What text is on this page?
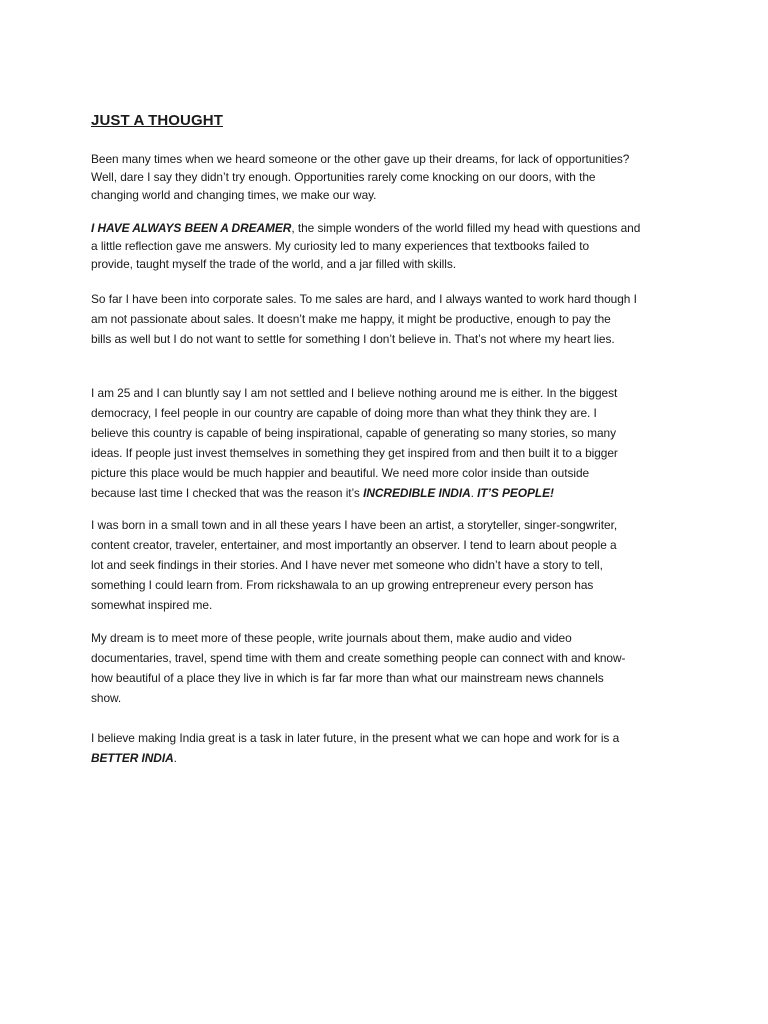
JUST A THOUGHT

Been many times when we heard someone or the other gave up their dreams, for lack of opportunities?
Well, dare I say they didn’t try enough. Opportunities rarely come knocking on our doors, with the
changing world and changing times, we make our way.

I HAVE ALWAYS BEEN A DREAMER, the simple wonders of the world filled my head with questions and
a little reflection gave me answers. My curiosity led to many experiences that textbooks failed to
provide, taught myself the trade of the world, and a jar filled with skills.

So far I have been into corporate sales. To me sales are hard, and I always wanted to work hard though I
am not passionate about sales. It doesn’t make me happy, it might be productive, enough to pay the
bills as well but I do not want to settle for something I don’t believe in. That’s not where my heart lies.

I am 25 and I can bluntly say I am not settled and I believe nothing around me is either. In the biggest
democracy, I feel people in our country are capable of doing more than what they think they are. I
believe this country is capable of being inspirational, capable of generating so many stories, so many
ideas. If people just invest themselves in something they get inspired from and then built it to a bigger
picture this place would be much happier and beautiful. We need more color inside than outside
because last time I checked that was the reason it’s INCREDIBLE INDIA. IT’S PEOPLE!

I was born in a small town and in all these years I have been an artist, a storyteller, singer-songwriter,
content creator, traveler, entertainer, and most importantly an observer. I tend to learn about people a
lot and seek findings in their stories. And I have never met someone who didn’t have a story to tell,
something I could learn from. From rickshawala to an up growing entrepreneur every person has
somewhat inspired me.

My dream is to meet more of these people, write journals about them, make audio and video
documentaries, travel, spend time with them and create something people can connect with and know-
how beautiful of a place they live in which is far far more than what our mainstream news channels
show.

I believe making India great is a task in later future, in the present what we can hope and work for is a
BETTER INDIA.
